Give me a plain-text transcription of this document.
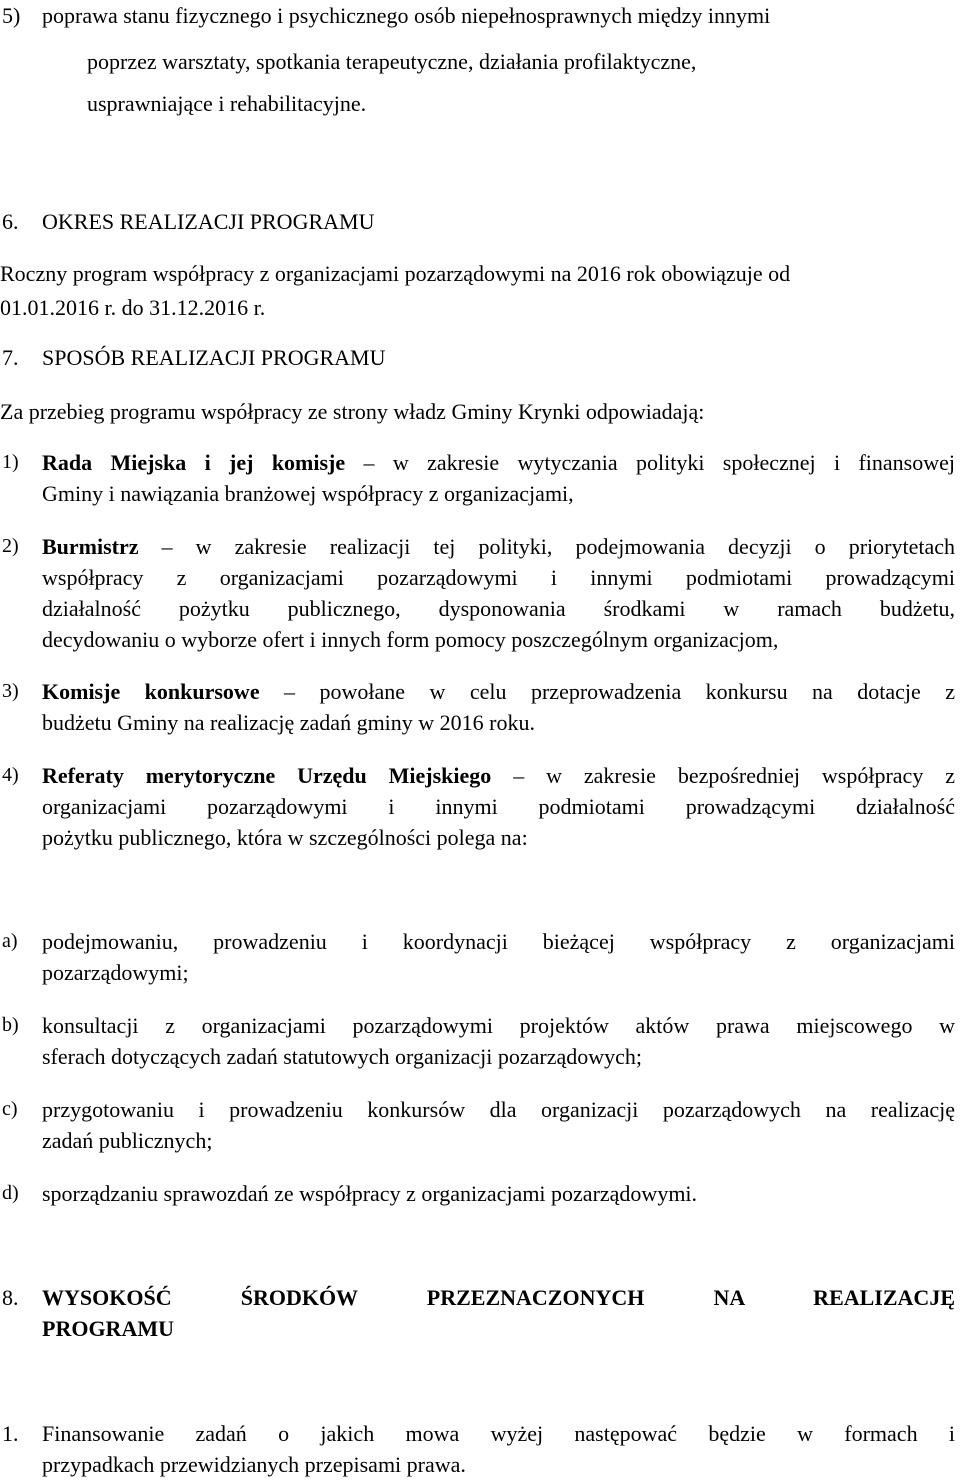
5) poprawa stanu fizycznego i psychicznego osób niepełnosprawnych między innymi
poprzez warsztaty, spotkania terapeutyczne, działania profilaktyczne,
usprawniające i rehabilitacyjne.
6.	OKRES REALIZACJI PROGRAMU
Roczny program współpracy z organizacjami pozarządowymi na 2016 rok obowiązuje od
01.01.2016 r. do 31.12.2016 r.
7.	SPOSÓB REALIZACJI PROGRAMU
Za przebieg programu współpracy ze strony władz Gminy Krynki odpowiadają:
1)	Rada Miejska i jej komisje – w zakresie wytyczania polityki społecznej i finansowej
Gminy i nawiązania branżowej współpracy z organizacjami,
2)	Burmistrz – w zakresie realizacji tej polityki, podejmowania decyzji o priorytetach
współpracy z organizacjami pozarządowymi i innymi podmiotami prowadzącymi
działalność pożytku publicznego, dysponowania środkami w ramach budżetu,
decydowaniu o wyborze ofert i innych form pomocy poszczególnym organizacjom,
3)	Komisje konkursowe – powołane w celu przeprowadzenia konkursu na dotacje z
budżetu Gminy na realizację zadań gminy w 2016 roku.
4)	Referaty merytoryczne Urzędu Miejskiego – w zakresie bezpośredniej współpracy z
organizacjami pozarządowymi i innymi podmiotami prowadzącymi działalność
pożytku publicznego, która w szczególności polega na:
a)	podejmowaniu, prowadzeniu i koordynacji bieżącej współpracy z organizacjami
pozarządowymi;
b)	konsultacji z organizacjami pozarządowymi projektów aktów prawa miejscowego w
sferach dotyczących zadań statutowych organizacji pozarządowych;
c)	przygotowaniu i prowadzeniu konkursów dla organizacji pozarządowych na realizację
zadań publicznych;
d)	sporządzaniu sprawozdań ze współpracy z organizacjami pozarządowymi.
8.	WYSOKOŚĆ ŚRODKÓW PRZEZNACZONYCH NA REALIZACJĘ
PROGRAMU
1.	Finansowanie zadań o jakich mowa wyżej następować będzie w formach i
przypadkach przewidzianych przepisami prawa.
